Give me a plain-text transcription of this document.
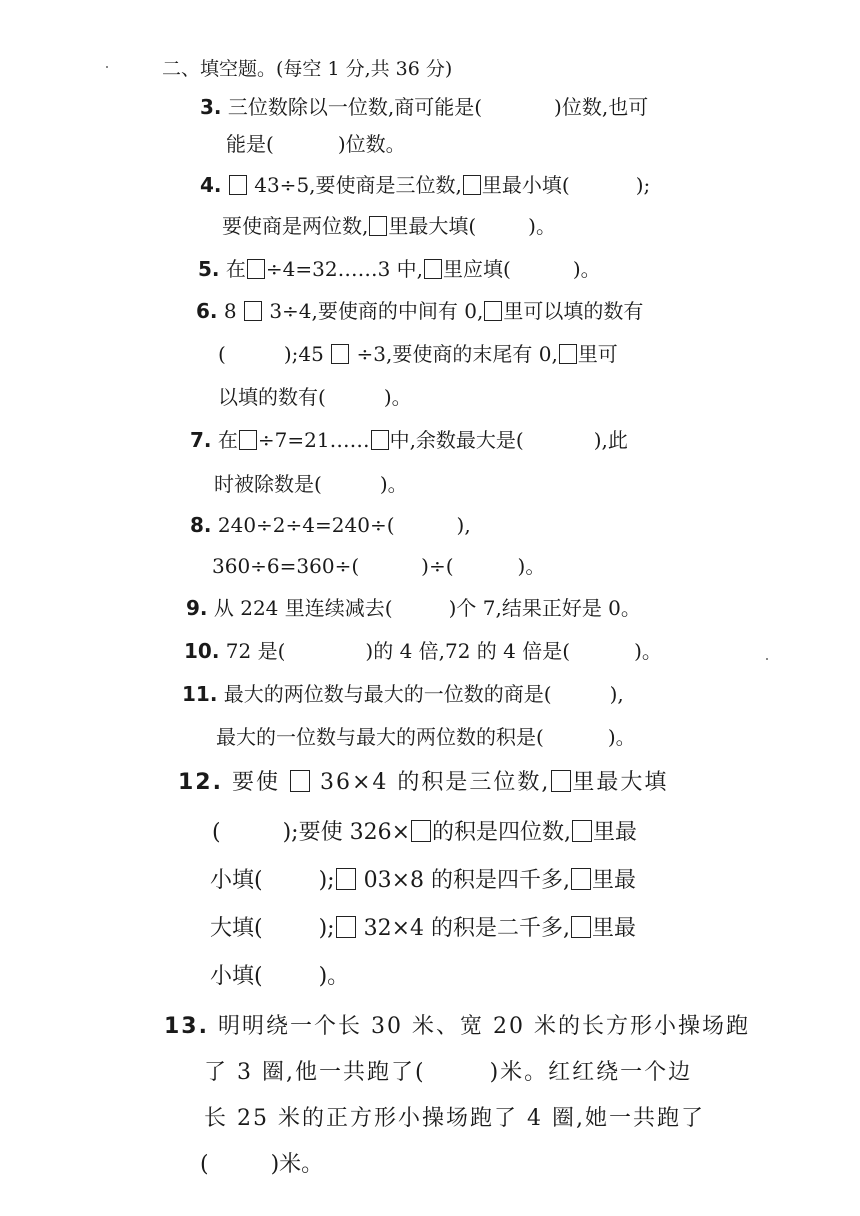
二、填空题。(每空 1 分,共 36 分)
3. 三位数除以一位数,商可能是(	)位数,也可
能是(	)位数。
4. 43÷5,要使商是三位数, 里最小填(	);
要使商是两位数, 里最大填(	)。
5. 在 ÷4=32……3 中, 里应填(	)。
6. 8 3÷4,要使商的中间有 0, 里可以填的数有
(	);45 ÷3,要使商的末尾有 0, 里可
以填的数有(	)。
7. 在 ÷7=21…… 中,余数最大是(	),此
时被除数是(	)。
8. 240÷2÷4=240÷(	),
360÷6=360÷(	)÷(	)。
9. 从 224 里连续减去(	)个 7,结果正好是 0。
10. 72 是(	)的 4 倍,72 的 4 倍是(	)。
11. 最大的两位数与最大的一位数的商是(	),
最大的一位数与最大的两位数的积是(	)。
12. 要使 36×4 的积是三位数, 里最大填
(	);要使 326× 的积是四位数, 里最
小填(	); 03×8 的积是四千多, 里最
大填(	); 32×4 的积是二千多, 里最
小填(	)。
13. 明明绕一个长 30 米、宽 20 米的长方形小操场跑
了 3 圈,他一共跑了(	)米。红红绕一个边
长 25 米的正方形小操场跑了 4 圈,她一共跑了
(	)米。
